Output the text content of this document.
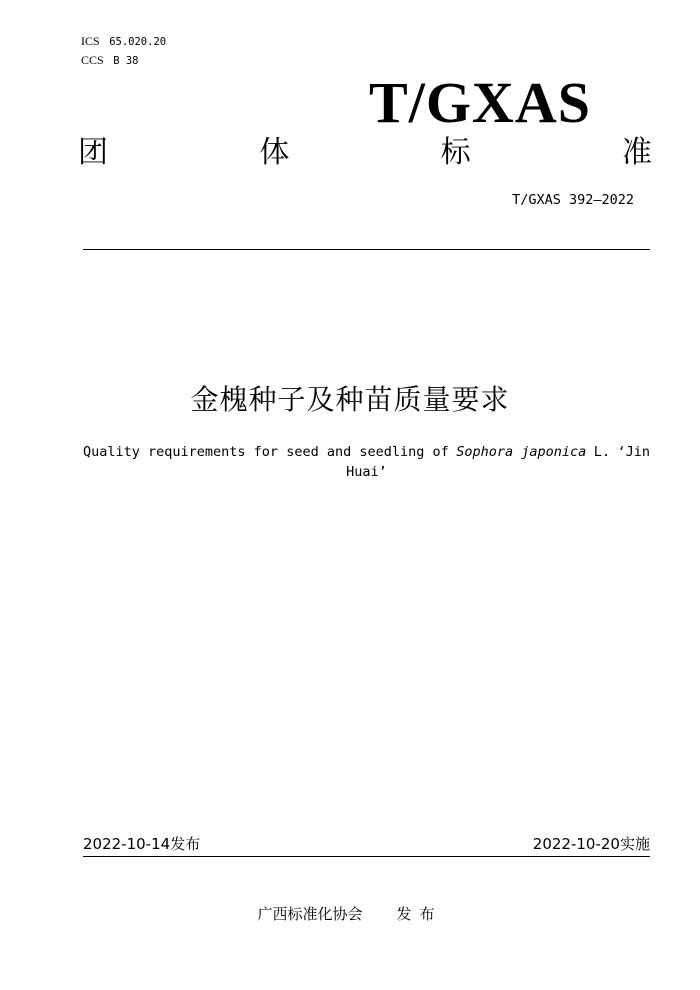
ICS 65.020.20
CCS B 38
T/GXAS
团	体	标	准
T/GXAS 392—2022
金槐种子及种苗质量要求
Quality requirements for seed and seedling of Sophora japonica L. ‘Jin
Huai’
2022-10-14发布	2022-10-20实施
广西标准化协会 发布
